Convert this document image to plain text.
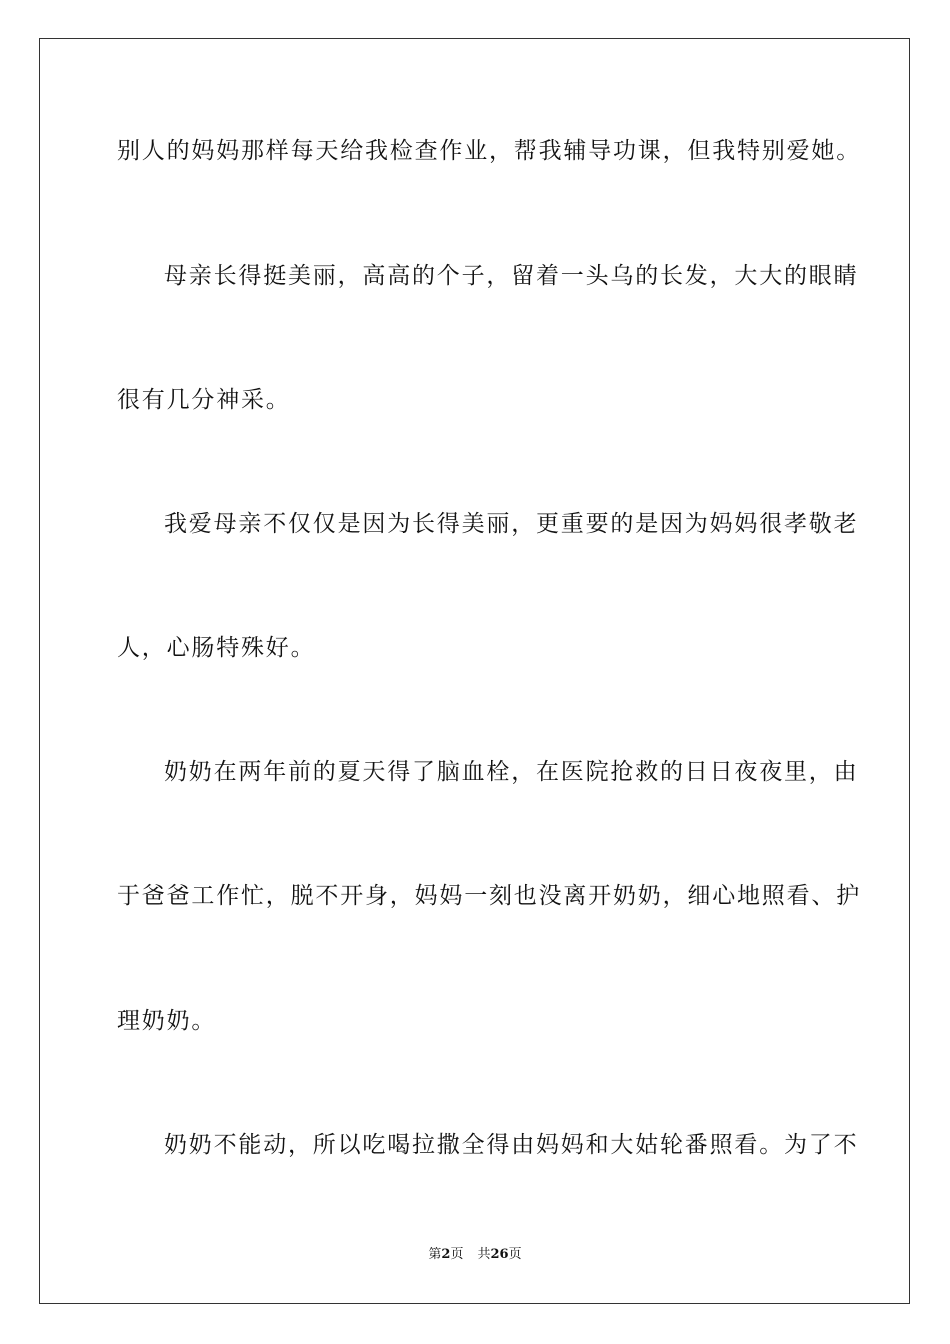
别人的妈妈那样每天给我检查作业，帮我辅导功课，但我特别爱她。
母亲长得挺美丽，高高的个子，留着一头乌的长发，大大的眼睛
很有几分神采。
我爱母亲不仅仅是因为长得美丽，更重要的是因为妈妈很孝敬老
人，心肠特殊好。
奶奶在两年前的夏天得了脑血栓，在医院抢救的日日夜夜里，由
于爸爸工作忙，脱不开身，妈妈一刻也没离开奶奶，细心地照看、护
理奶奶。
奶奶不能动，所以吃喝拉撒全得由妈妈和大姑轮番照看。为了不
第2页 共26页
